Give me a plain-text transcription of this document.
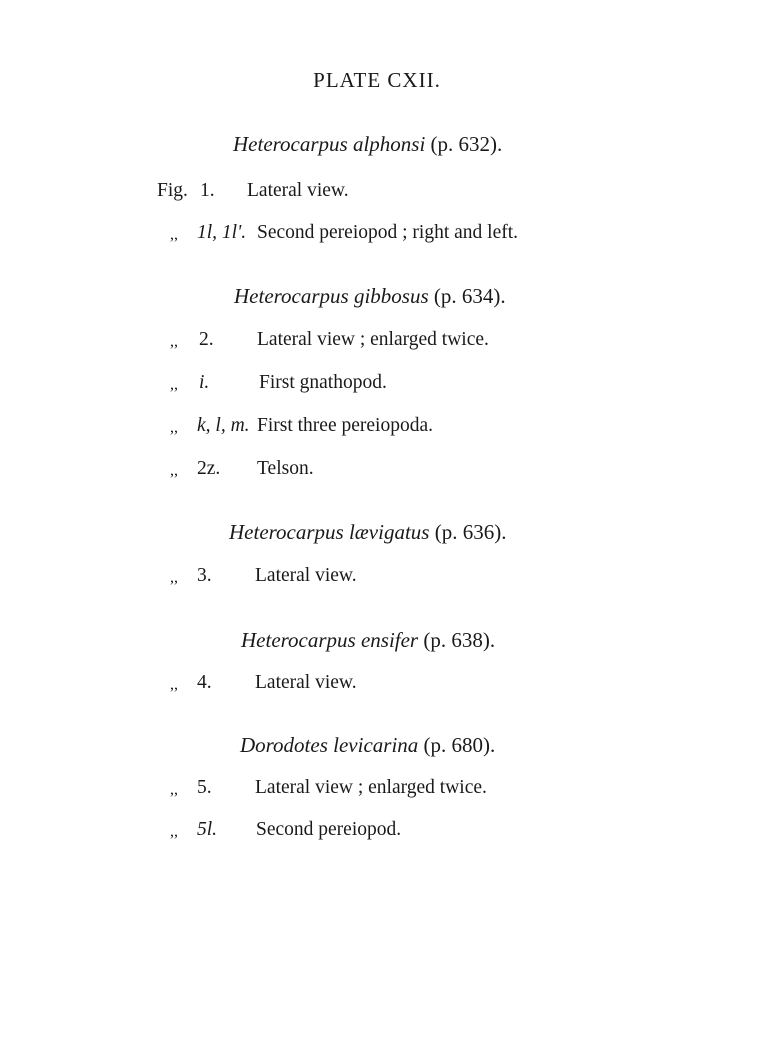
PLATE CXII.
Heterocarpus alphonsi (p. 632).
Fig. 1. Lateral view.
,, 1l, 1l'. Second pereiopod ; right and left.
Heterocarpus gibbosus (p. 634).
,, 2. Lateral view ; enlarged twice.
,, i.	First gnathopod.
,, k, l, m. First three pereiopoda.
,, 2z. Telson.
Heterocarpus lævigatus (p. 636).
,, 3. Lateral view.
Heterocarpus ensifer (p. 638).
,, 4. Lateral view.
Dorodotes levicarina (p. 680).
,, 5. Lateral view ; enlarged twice.
,, 5l. Second pereiopod.
